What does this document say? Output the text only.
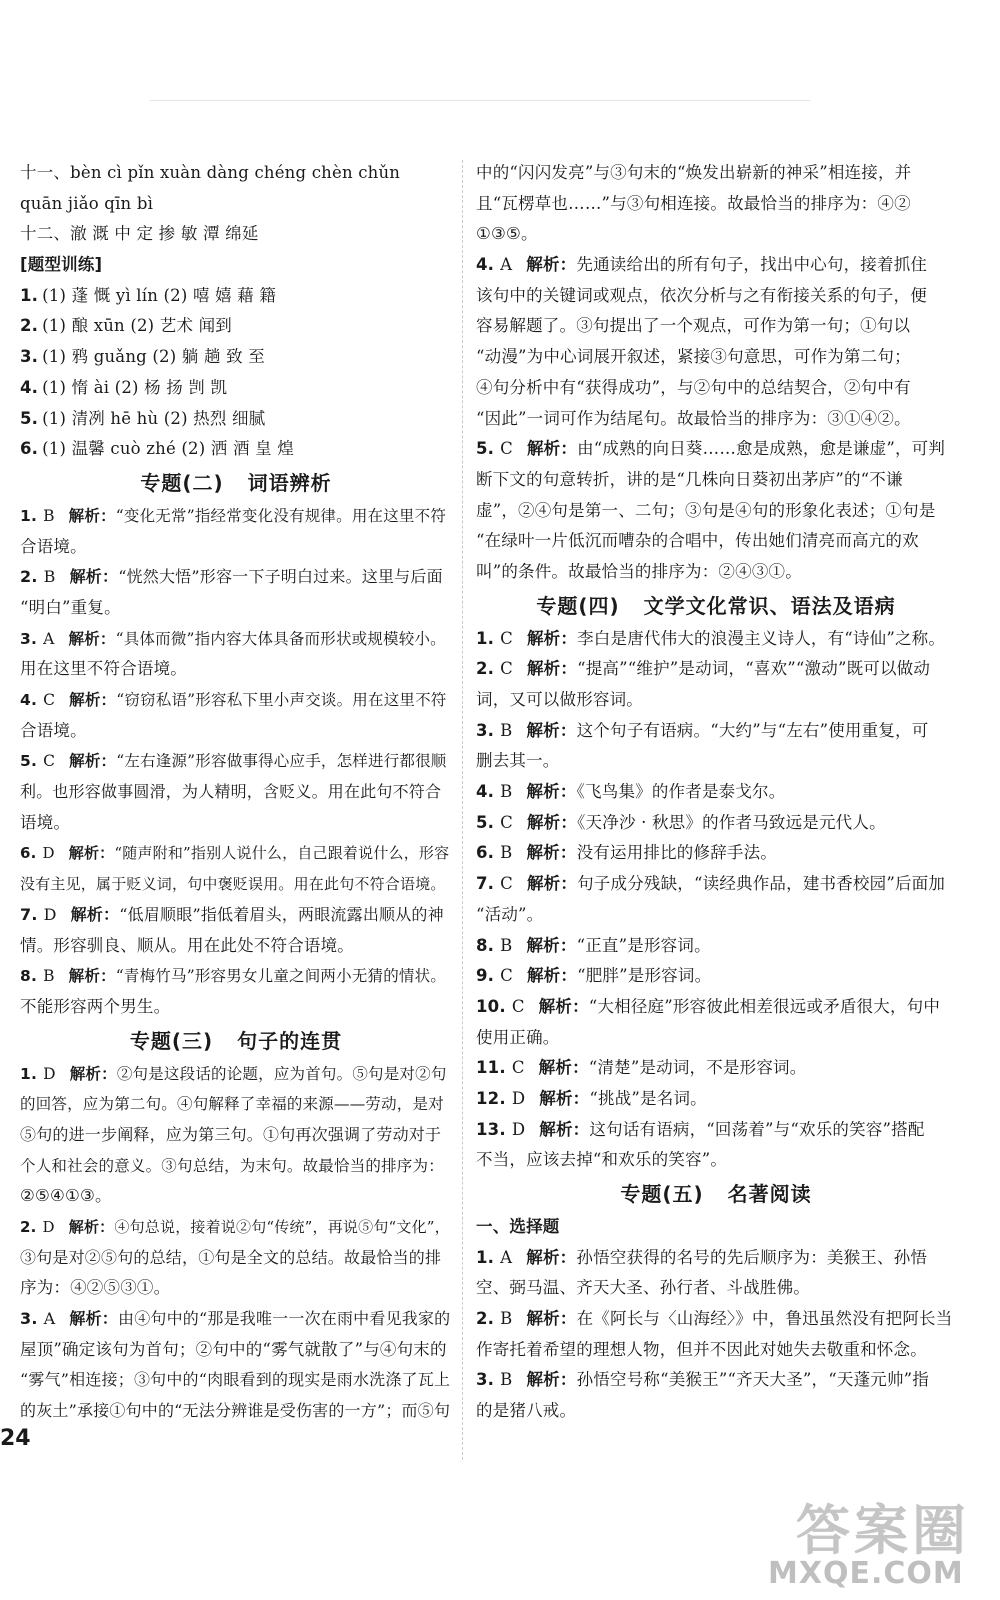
十一、bèn cì pǐn xuàn dàng chéng chèn chǔn
quān jiǎo qīn bì
十二、澈 溉 中 定 掺 敏 潭 绵延
[题型训练]
1. (1) 蓬 慨 yì lín (2) 嘻 嬉 藉 籍
2. (1) 酿 xūn (2) 艺术 闻到
3. (1) 鸦 guǎng (2) 躺 趟 致 至
4. (1) 惰 ài (2) 杨 扬 剀 凯
5. (1) 清冽 hē hù (2) 热烈 细腻
6. (1) 温馨 cuò zhé (2) 洒 酒 皇 煌
专题(二) 词语辨析
1. B 解析：“变化无常”指经常变化没有规律。用在这里不符
合语境。
2. B 解析：“恍然大悟”形容一下子明白过来。这里与后面
“明白”重复。
3. A 解析：“具体而微”指内容大体具备而形状或规模较小。
用在这里不符合语境。
4. C 解析：“窃窃私语”形容私下里小声交谈。用在这里不符
合语境。
5. C 解析：“左右逢源”形容做事得心应手，怎样进行都很顺
利。也形容做事圆滑，为人精明，含贬义。用在此句不符合
语境。
6. D 解析：“随声附和”指别人说什么，自己跟着说什么，形容
没有主见，属于贬义词，句中褒贬误用。用在此句不符合语境。
7. D 解析：“低眉顺眼”指低着眉头，两眼流露出顺从的神
情。形容驯良、顺从。用在此处不符合语境。
8. B 解析：“青梅竹马”形容男女儿童之间两小无猜的情状。
不能形容两个男生。
专题(三) 句子的连贯
1. D 解析：②句是这段话的论题，应为首句。⑤句是对②句
的回答，应为第二句。④句解释了幸福的来源——劳动，是对
⑤句的进一步阐释，应为第三句。①句再次强调了劳动对于
个人和社会的意义。③句总结，为末句。故最恰当的排序为：
②⑤④①③。
2. D 解析：④句总说，接着说②句“传统”，再说⑤句“文化”，
③句是对②⑤句的总结，①句是全文的总结。故最恰当的排
序为：④②⑤③①。
3. A 解析：由④句中的“那是我唯一一次在雨中看见我家的
屋顶”确定该句为首句；②句中的“雾气就散了”与④句末的
“雾气”相连接；③句中的“肉眼看到的现实是雨水洗涤了瓦上
的灰土”承接①句中的“无法分辨谁是受伤害的一方”；而⑤句
中的“闪闪发亮”与③句末的“焕发出崭新的神采”相连接，并
且“瓦楞草也……”与③句相连接。故最恰当的排序为：④②
①③⑤。
4. A 解析：先通读给出的所有句子，找出中心句，接着抓住
该句中的关键词或观点，依次分析与之有衔接关系的句子，便
容易解题了。③句提出了一个观点，可作为第一句；①句以
“动漫”为中心词展开叙述，紧接③句意思，可作为第二句；
④句分析中有“获得成功”，与②句中的总结契合，②句中有
“因此”一词可作为结尾句。故最恰当的排序为：③①④②。
5. C 解析：由“成熟的向日葵……愈是成熟，愈是谦虚”，可判
断下文的句意转折，讲的是“几株向日葵初出茅庐”的“不谦
虚”，②④句是第一、二句；③句是④句的形象化表述；①句是
“在绿叶一片低沉而嘈杂的合唱中，传出她们清亮而高亢的欢
叫”的条件。故最恰当的排序为：②④③①。
专题(四) 文学文化常识、语法及语病
1. C 解析：李白是唐代伟大的浪漫主义诗人，有“诗仙”之称。
2. C 解析：“提高”“维护”是动词，“喜欢”“激动”既可以做动
词，又可以做形容词。
3. B 解析：这个句子有语病。“大约”与“左右”使用重复，可
删去其一。
4. B 解析：《飞鸟集》的作者是泰戈尔。
5. C 解析：《天净沙 · 秋思》的作者马致远是元代人。
6. B 解析：没有运用排比的修辞手法。
7. C 解析：句子成分残缺，“读经典作品，建书香校园”后面加
“活动”。
8. B 解析：“正直”是形容词。
9. C 解析：“肥胖”是形容词。
10. C 解析：“大相径庭”形容彼此相差很远或矛盾很大，句中
使用正确。
11. C 解析：“清楚”是动词，不是形容词。
12. D 解析：“挑战”是名词。
13. D 解析：这句话有语病，“回荡着”与“欢乐的笑容”搭配
不当，应该去掉“和欢乐的笑容”。
专题(五) 名著阅读
一、选择题
1. A 解析：孙悟空获得的名号的先后顺序为：美猴王、孙悟
空、弼马温、齐天大圣、孙行者、斗战胜佛。
2. B 解析：在《阿长与〈山海经〉》中，鲁迅虽然没有把阿长当
作寄托着希望的理想人物，但并不因此对她失去敬重和怀念。
3. B 解析：孙悟空号称“美猴王”“齐天大圣”，“天蓬元帅”指
的是猪八戒。
24
答案圈
MXQE.COM
